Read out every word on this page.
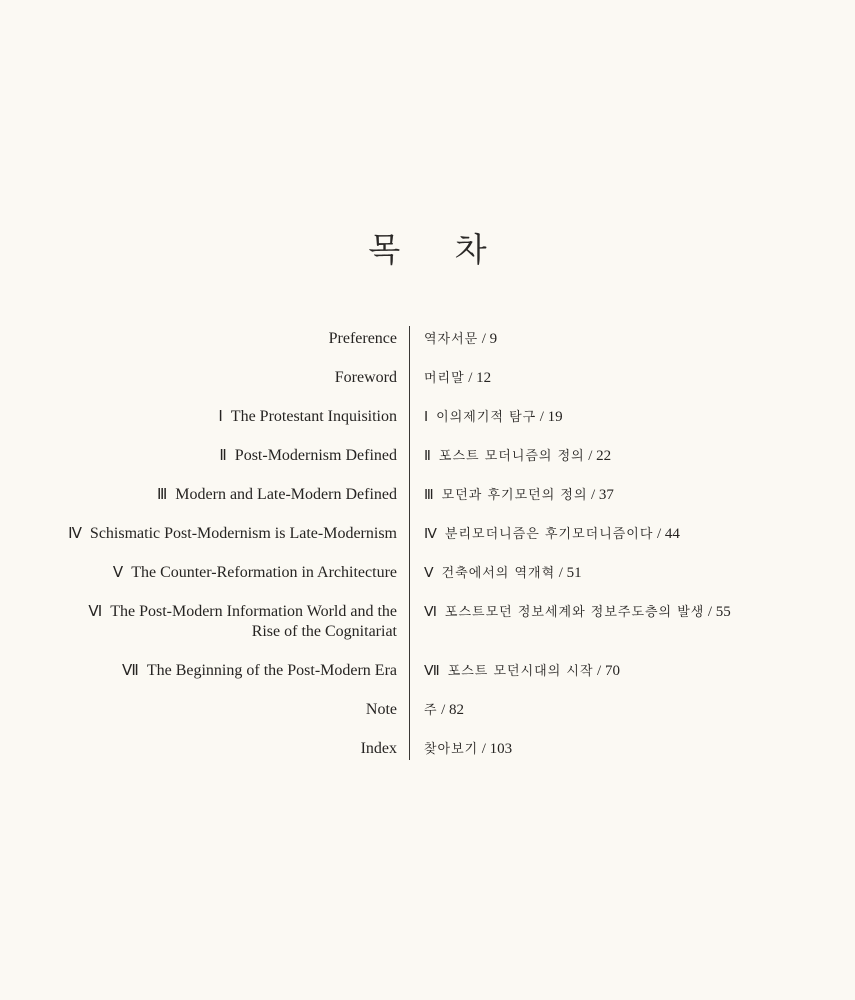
목 차
Preference 역자서문 / 9
Foreword 머리말 / 12
Ⅰ The Protestant Inquisition Ⅰ 이의제기적 탐구 / 19
Ⅱ Post-Modernism Defined Ⅱ 포스트 모더니즘의 정의 / 22
Ⅲ Modern and Late-Modern Defined Ⅲ 모던과 후기모던의 정의 / 37
Ⅳ Schismatic Post-Modernism is Late-Modernism Ⅳ 분리모더니즘은 후기모더니즘이다 / 44
Ⅴ The Counter-Reformation in Architecture Ⅴ 건축에서의 역개혁 / 51
Ⅵ The Post-Modern Information World and the
Rise of the Cognitariat
Ⅵ 포스트모던 정보세계와 정보주도층의 발생 / 55
Ⅶ The Beginning of the Post-Modern Era Ⅶ 포스트 모던시대의 시작 / 70
Note 주 / 82
Index 찾아보기 / 103
